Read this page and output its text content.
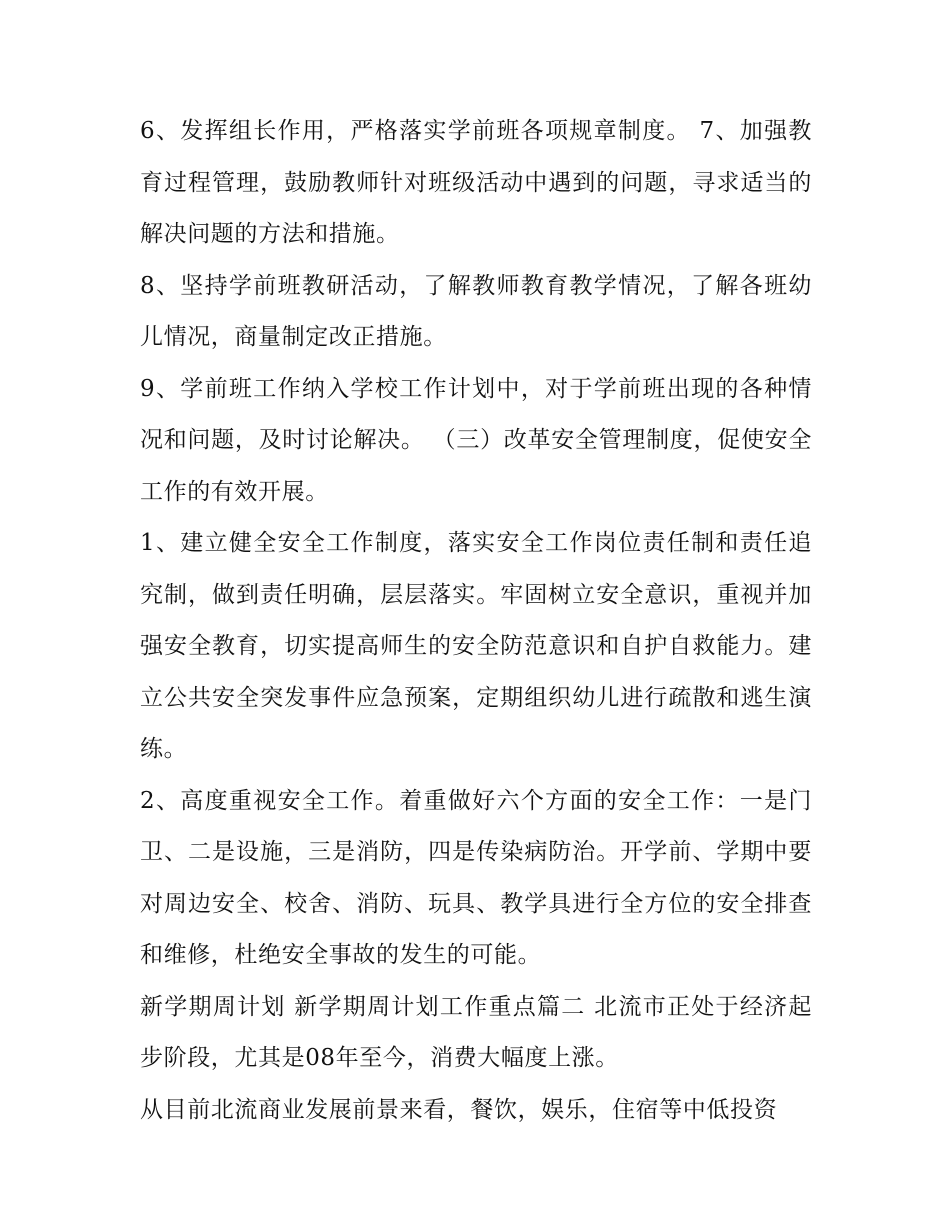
6、发挥组长作用，严格落实学前班各项规章制度。 7、加强教育过程管理，鼓励教师针对班级活动中遇到的问题，寻求适当的解决问题的方法和措施。

8、坚持学前班教研活动，了解教师教育教学情况，了解各班幼儿情况，商量制定改正措施。

9、学前班工作纳入学校工作计划中，对于学前班出现的各种情况和问题，及时讨论解决。 （三）改革安全管理制度，促使安全工作的有效开展。

1、建立健全安全工作制度，落实安全工作岗位责任制和责任追究制，做到责任明确，层层落实。牢固树立安全意识，重视并加强安全教育，切实提高师生的安全防范意识和自护自救能力。建立公共安全突发事件应急预案，定期组织幼儿进行疏散和逃生演练。

2、高度重视安全工作。着重做好六个方面的安全工作：一是门卫、二是设施，三是消防，四是传染病防治。开学前、学期中要对周边安全、校舍、消防、玩具、教学具进行全方位的安全排查和维修，杜绝安全事故的发生的可能。

新学期周计划 新学期周计划工作重点篇二 北流市正处于经济起步阶段，尤其是08年至今，消费大幅度上涨。

从目前北流商业发展前景来看，餐饮，娱乐，住宿等中低投资
